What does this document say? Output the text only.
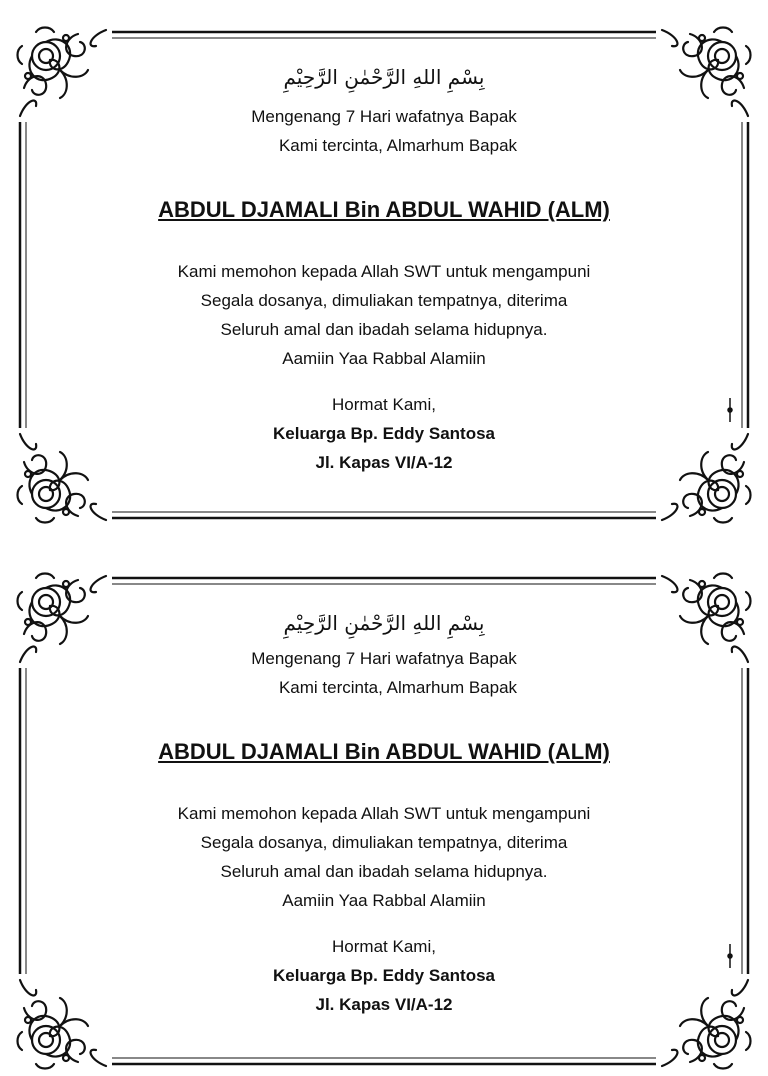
بِسْمِ اللهِ الرَّحْمٰنِ الرَّحِيْمِ
Mengenang 7 Hari wafatnya Bapak
Kami tercinta, Almarhum Bapak
ABDUL DJAMALI Bin ABDUL WAHID (ALM)
Kami memohon kepada Allah SWT untuk mengampuni
Segala dosanya, dimuliakan tempatnya, diterima
Seluruh amal dan ibadah selama hidupnya.
Aamiin Yaa Rabbal Alamiin
Hormat Kami,
Keluarga Bp. Eddy Santosa
Jl. Kapas VI/A-12
بِسْمِ اللهِ الرَّحْمٰنِ الرَّحِيْمِ
Mengenang 7 Hari wafatnya Bapak
Kami tercinta, Almarhum Bapak
ABDUL DJAMALI Bin ABDUL WAHID (ALM)
Kami memohon kepada Allah SWT untuk mengampuni
Segala dosanya, dimuliakan tempatnya, diterima
Seluruh amal dan ibadah selama hidupnya.
Aamiin Yaa Rabbal Alamiin
Hormat Kami,
Keluarga Bp. Eddy Santosa
Jl. Kapas VI/A-12
